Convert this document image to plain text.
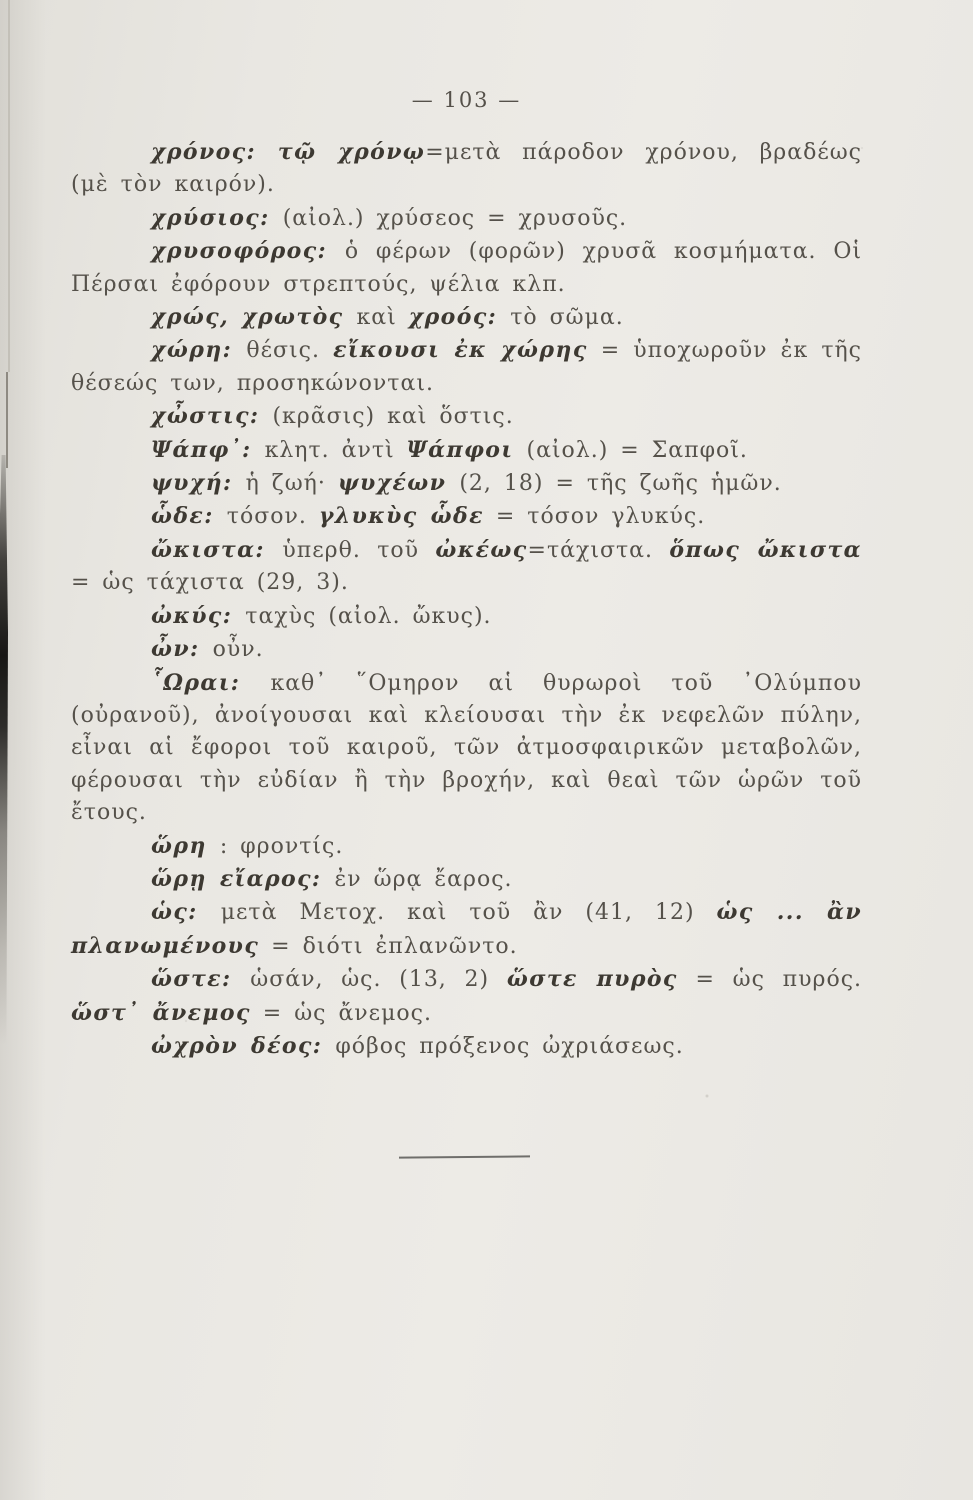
— 103 —

χρόνος: τῷ χρόνῳ=μετὰ πάροδον χρόνου, βραδέως (μὲ τὸν καιρόν).

χρύσιος: (αἰολ.) χρύσεος = χρυσοῦς.

χρυσοφόρος: ὁ φέρων (φορῶν) χρυσᾶ κοσμήματα. Οἱ Πέρσαι ἐφόρουν στρεπτούς, ψέλια κλπ.

χρώς, χρωτὸς καὶ χροός: τὸ σῶμα.

χώρη: θέσις. εἴκουσι ἐκ χώρης = ὑποχωροῦν ἐκ τῆς θέσεώς των, προσηκώνονται.

χὦστις: (κρᾶσις) καὶ ὅστις.

Ψάπφ᾽: κλητ. ἀντὶ Ψάπφοι (αἰολ.) = Σαπφοῖ.

ψυχή: ἡ ζωή· ψυχέων (2, 18) = τῆς ζωῆς ἡμῶν.

ὧδε: τόσον. γλυκὺς ὧδε = τόσον γλυκύς.

ὤκιστα: ὑπερθ. τοῦ ὠκέως=τάχιστα. ὅπως ὤκιστα = ὡς τάχιστα (29, 3).

ὠκύς: ταχὺς (αἰολ. ὤκυς).

ὦν: οὖν.

῟Ωραι: καθ᾽ ῞Ομηρον αἱ θυρωροὶ τοῦ ᾿Ολύμπου (οὐρανοῦ), ἀνοίγουσαι καὶ κλείουσαι τὴν ἐκ νεφελῶν πύλην, εἶναι αἱ ἔφοροι τοῦ καιροῦ, τῶν ἀτμοσφαιρικῶν μεταβολῶν, φέρουσαι τὴν εὐδίαν ἢ τὴν βροχήν, καὶ θεαὶ τῶν ὡρῶν τοῦ ἔτους.

ὥρη : φροντίς.

ὥρῃ εἴαρος: ἐν ὥρᾳ ἔαρος.

ὡς: μετὰ Μετοχ. καὶ τοῦ ἂν (41, 12) ὡς ... ἂν πλανωμένους = διότι ἐπλανῶντο.

ὥστε: ὡσάν, ὡς. (13, 2) ὥστε πυρὸς = ὡς πυρός. ὥστ᾽ ἄνεμος = ὡς ἄνεμος.

ὠχρὸν δέος: φόβος πρόξενος ὠχριάσεως.
